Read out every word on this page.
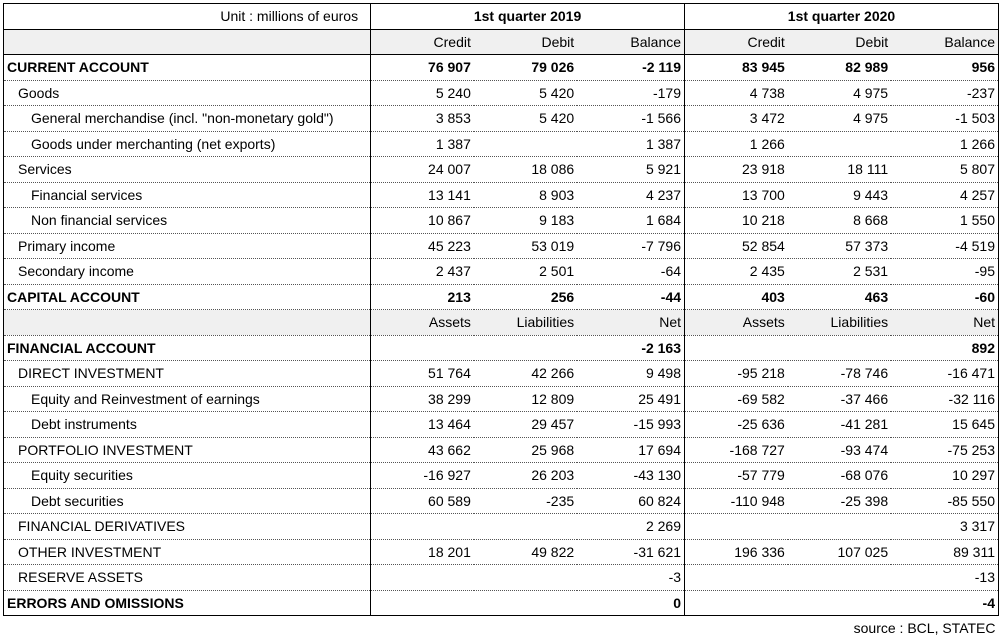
Unit : millions of euros	1st quarter 2019			1st quarter 2020		
	Credit	Debit	Balance	Credit	Debit	Balance
CURRENT ACCOUNT	76 907	79 026	-2 119	83 945	82 989	956
Goods	5 240	5 420	-179	4 738	4 975	-237
General merchandise (incl. "non-monetary gold")	3 853	5 420	-1 566	3 472	4 975	-1 503
Goods under merchanting (net exports)	1 387		1 387	1 266		1 266
Services	24 007	18 086	5 921	23 918	18 111	5 807
Financial services	13 141	8 903	4 237	13 700	9 443	4 257
Non financial services	10 867	9 183	1 684	10 218	8 668	1 550
Primary income	45 223	53 019	-7 796	52 854	57 373	-4 519
Secondary income	2 437	2 501	-64	2 435	2 531	-95
CAPITAL ACCOUNT	213	256	-44	403	463	-60
	Assets	Liabilities	Net	Assets	Liabilities	Net
FINANCIAL ACCOUNT			-2 163			892
DIRECT INVESTMENT	51 764	42 266	9 498	-95 218	-78 746	-16 471
Equity and Reinvestment of earnings	38 299	12 809	25 491	-69 582	-37 466	-32 116
Debt instruments	13 464	29 457	-15 993	-25 636	-41 281	15 645
PORTFOLIO INVESTMENT	43 662	25 968	17 694	-168 727	-93 474	-75 253
Equity securities	-16 927	26 203	-43 130	-57 779	-68 076	10 297
Debt securities	60 589	-235	60 824	-110 948	-25 398	-85 550
FINANCIAL DERIVATIVES			2 269			3 317
OTHER INVESTMENT	18 201	49 822	-31 621	196 336	107 025	89 311
RESERVE ASSETS			-3			-13
ERRORS AND OMISSIONS			0			-4
source : BCL, STATEC						
